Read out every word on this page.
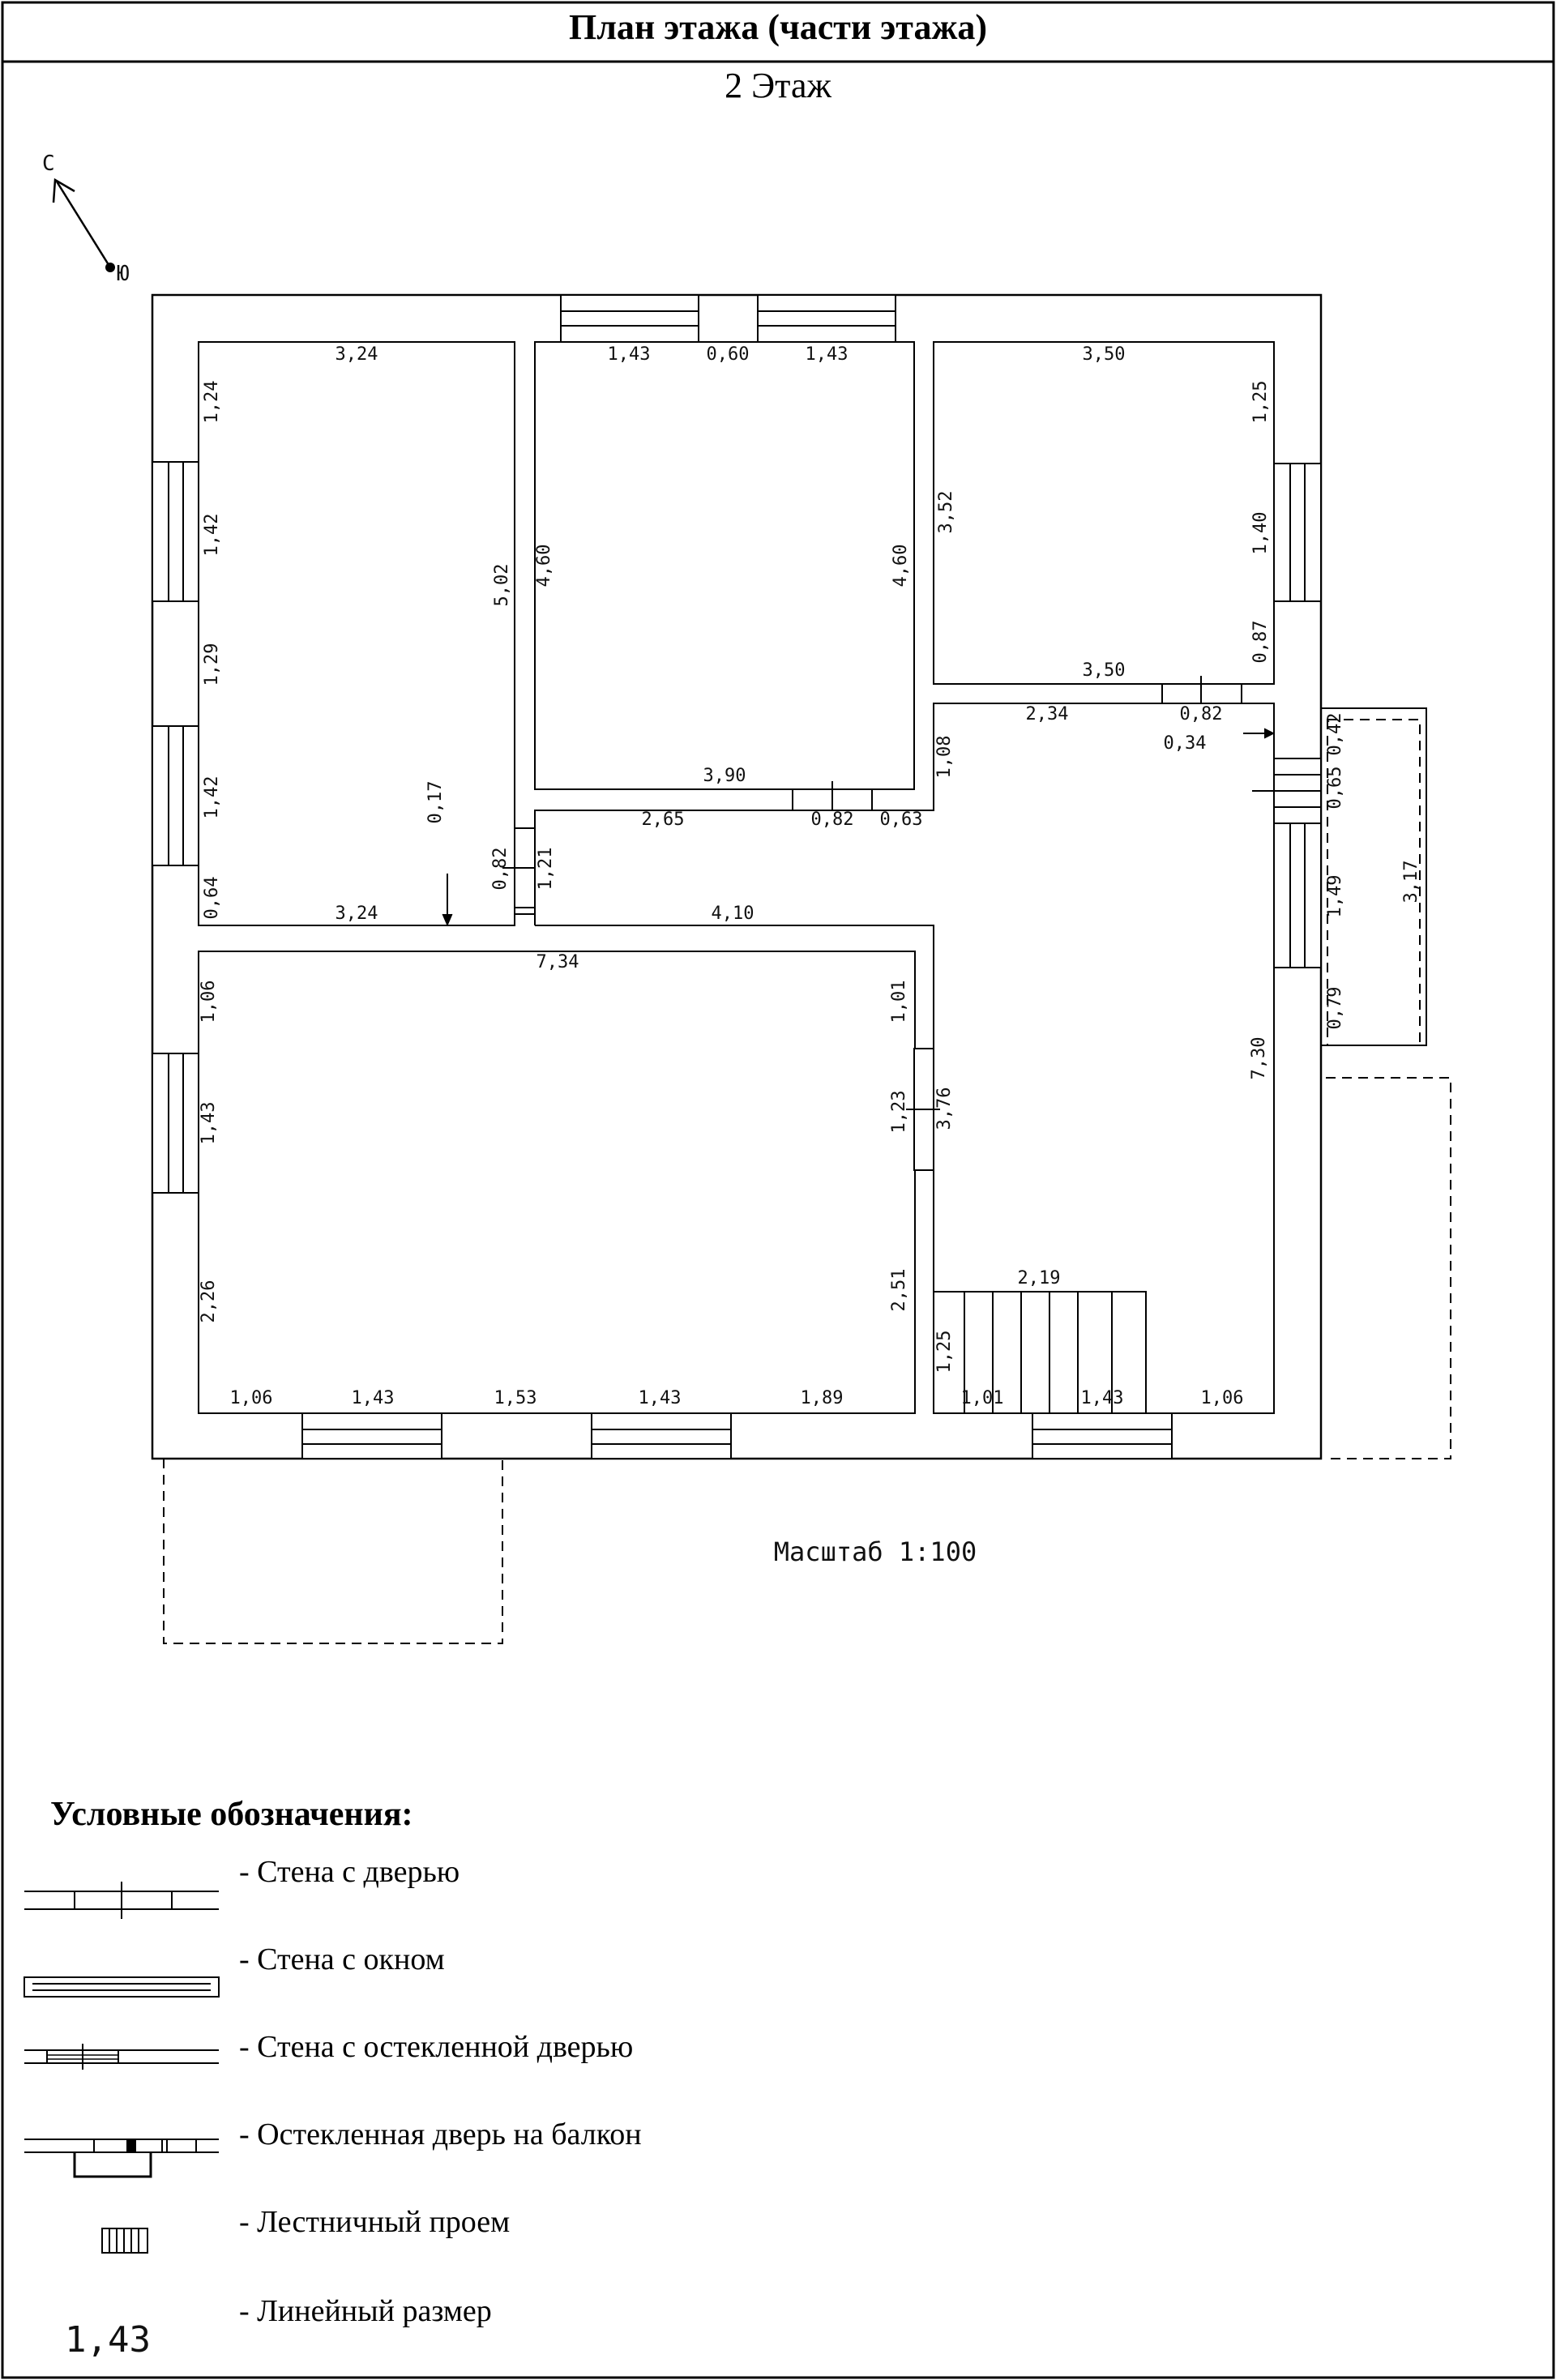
План этажа (части этажа)
2 Этаж
С
Ю
3,24	1,43	0,60	1,43	3,50
1,24
1,42
1,29
1,42
0,64
5,02 4,60	4,60
3,52
1,25
1,40
0,87
3,50
2,34	0,82
0,34
1,08
0,42
0,65
3,90
2,65	0,82 0,63
0,17
0,82 1,21
3,24	4,10	1,49	3,17
0,79
7,34
1,06	1,01
1,43	1,23 3,76
7,30
2,26	2,51	2,19
1,25
1,06	1,43	1,53	1,43	1,89	1,01	1,43	1,06
Масштаб 1:100
Условные обозначения:
- Стена с дверью
- Стена с окном
- Стена с остекленной дверью
- Остекленная дверь на балкон
- Лестничный проем
1,43
- Линейный размер
